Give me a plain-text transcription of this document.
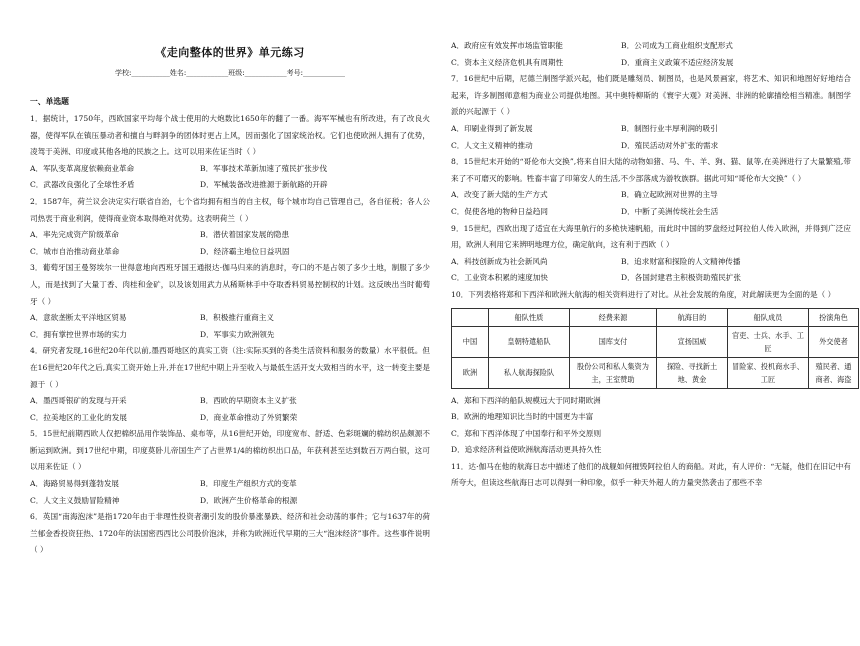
《走向整体的世界》单元练习
学校:___________姓名:____________班级:____________考号:____________
一、单选题

1．据统计，1750年，西欧国家平均每个战士使用的大炮数比1650年的翻了一番。海军军械也有所改进，有了改良火器，使得军队在镇压暴动者和擅自与畔洞争的团体时更占上风，因而强化了国家统治权。它们也使欧洲人拥有了优势，凌驾于美洲、印度或其他各地的民族之上。这可以用来佐证当时（ ）

A．军队变革离度依赖商业革命	B．军事技术革新加速了殖民扩张步伐
C．武器改良强化了全球性矛盾	D．军械装备改进推源于新航路的开辟

2．1587年，荷兰议会决定实行联省自治，七个省均拥有相当的自主权，每个城市均自己管理自己，各自征税；各人公司热衷于商业利润，使得商业资本取得绝对优势。这表明荷兰（ ）

A．率先完成资产阶级革命	B．潜伏着国家发展的隐患
C．城市自治推动商业革命	D．经济霸主地位日益巩固

3．葡萄牙国王曼努埃尔一世得意地向西班牙国王通报达·伽马归来的消息时，夸口的不是占领了多少土地，制服了多少人，而是找到了大量丁香、肉桂和金矿，以及该划用武力从稀斯林手中夺取香料贸易控制权的计划。这反映出当时葡萄牙（ ）

A．意欲垄断太平洋地区贸易	B．积极推行重商主义
C．拥有掌控世界市场的实力	D．军事实力欧洲领先

4．研究者发现,16世纪20年代以前,墨西哥地区的真实工资（注:实际买到的各类生活资料和服务的数量）水平很低。但在16世纪20年代之后,真实工资开始上升,并在17世纪中期上升至收入与最低生活开支大致相当的水平，这一转变主要是源于（ ）

A．墨西哥银矿的发现与开采	B．西欧的早期资本主义扩张
C．拉美地区的工业化的发展	D．商业革命推动了外贸繁荣

5．15世纪前期西欧人仅把棉织品用作装饰品、桌布等，从16世纪开始，印度宽布、舒适、色彩斑斓的棉纺织品颇源不断运到欧洲。到17世纪中期，印度莫卧儿帝国生产了占世界1/4的棉纺织出口品，年获利甚至达到数百万两白银，这可以用来佐证（ ）

A．海路贸易得到蓬勃发展	B．印度生产组织方式的变革
C．人文主义鼓励冒险精神	D．欧洲产生价格革命的根源

6．英国“南海泡沫”是指1720年由于非理性投资者潮引发的股价暴涨暴跌、经济和社会动荡的事件；它与1637年的荷兰郁金香投资狂热、1720年的法国密西西比公司股价泡沫，并称为欧洲近代早期的三大“泡沫经济”事件。这些事件说明（ ）

A．政府应有效发挥市场监管职能	B．公司成为工商业组织支配形式
C．资本主义经济危机具有周期性	D．重商主义政策不适应经济发展

7．16世纪中后期，尼德兰制图学派兴起，他们既是雕刻员、制图员，也是风景画家，将艺术、知识和地图好好地结合起来，许多制图师意相为商业公司提供地图。其中奥特柳斯的《寰宇大观》对美洲、非洲的轮廓描绘相当精准。制图学派的兴起源于（ ）

A．印刷业得到了新发展	B．制图行业丰厚利润的吸引
C．人文主义精神的推动	D．殖民活动对外扩张的需求

8．15世纪末开始的“哥伦布大交换”,将来自旧大陆的动物如猪、马、牛、羊、狗、猫、鼠等,在美洲进行了大量繁殖,带来了不可磨灭的影响。牲畜丰富了印第安人的生活,不少部落成为游牧族群。据此可知“哥伦布大交换”（ ）

A．改变了新大陆的生产方式	B．确立起欧洲对世界的主导
C．促使各地的物种日益趋同	D．中断了美洲传统社会生活

9．15世纪，西欧出现了适宜在大海里航行的多桅快速帆船，而此时中国的罗盘经过阿拉伯人传入欧洲，并得到广泛应用，欧洲人利用它来辨明地理方位，确定航向，这有利于西欧（ ）

A．科技创新成为社会新风尚	B．追求财富和探险的人文精神传播
C．工业资本积累的速度加快	D．各国封建君主积极资助殖民扩张

10．下列表格将郑和下西洋和欧洲大航海的相关资料进行了对比。从社会发展的角度，对此解读更为全面的是（ ）

	船队性质	经费来源	航海目的	船队成员	扮演角色
中国	皇朝特遣船队	国库支付	宣扬国威	官吏、士兵、水手、工匠	外交使者
欧洲	私人航海探险队	股份公司和私人集资为主，王室赞助	探险、寻找新土地、黄金	冒险家、投机商水手、工匠	殖民者、通商者、海盗
A．郑和下西洋的船队规模远大于同时期欧洲
B．欧洲的地理知识比当时的中国更为丰富
C．郑和下西洋体现了中国奉行和平外交原则
D．追求经济利益使欧洲航海活动更具持久性

11．达·伽马在他的航海日志中描述了他们的战舰如何摧毁阿拉伯人的商船。对此，有人评价：“无疑，他们在旧记中有所夸大，但读这些航海日志可以得到一种印象，似乎一种天外超人的力量突然袭击了那些不幸
